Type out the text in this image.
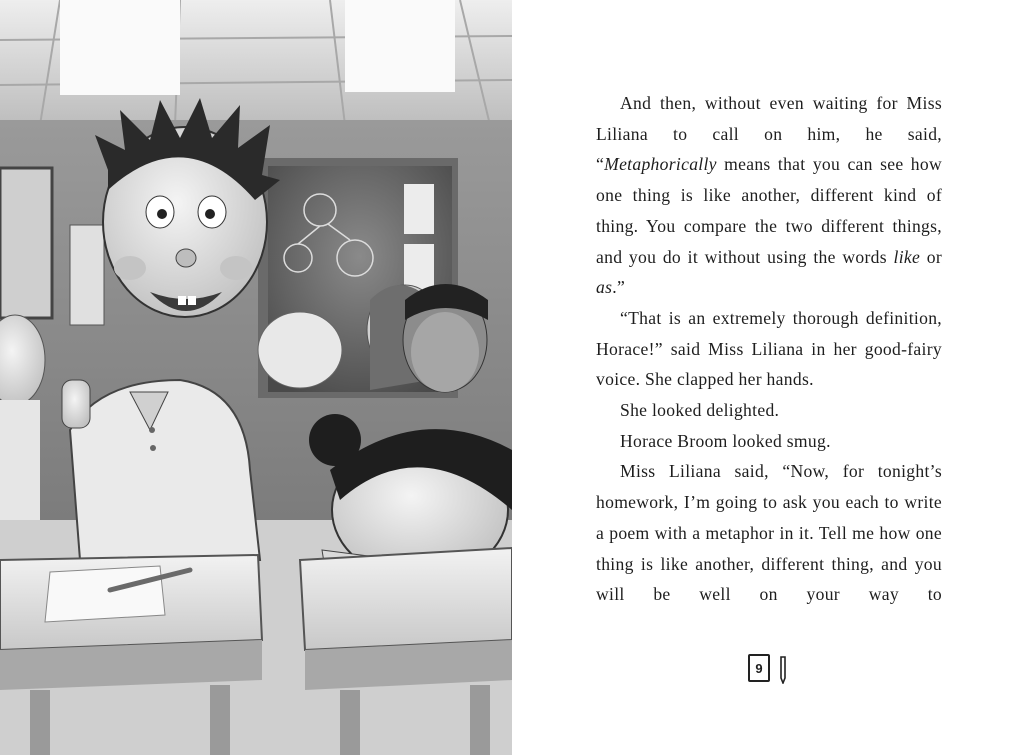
And then, without even waiting for Miss Liliana to call on him, he said, “Metaphorically means that you can see how one thing is like another, different kind of thing. You compare the two different things, and you do it without using the words like or as.”

“That is an extremely thorough definition, Horace!” said Miss Liliana in her good-fairy voice. She clapped her hands.

She looked delighted.

Horace Broom looked smug.

Miss Liliana said, “Now, for tonight’s homework, I’m going to ask you each to write a poem with a metaphor in it. Tell me how one thing is like another, different thing, and you will be well on your way to

9
